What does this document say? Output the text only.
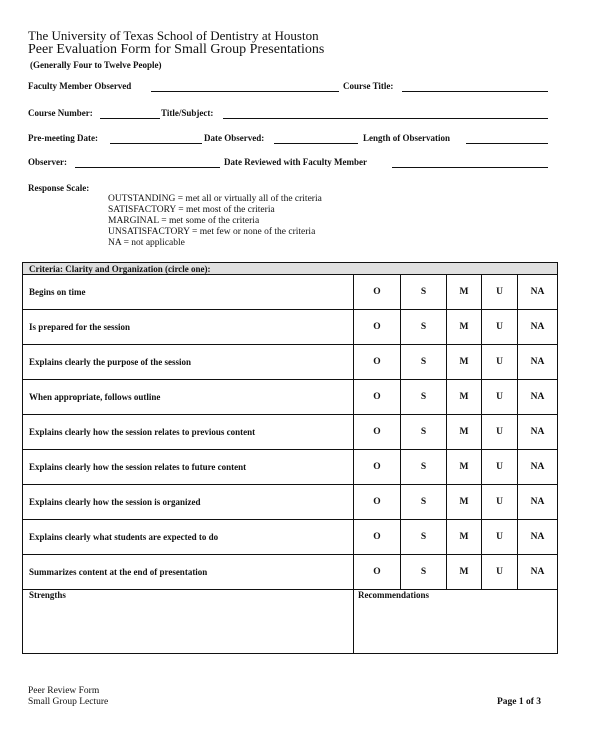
The University of Texas School of Dentistry at Houston
Peer Evaluation Form for Small Group Presentations
(Generally Four to Twelve People)
Faculty Member Observed	Course Title:
Course Number:	Title/Subject:
Pre-meeting Date:	Date Observed:	Length of Observation
Observer:	Date Reviewed with Faculty Member
Response Scale:
OUTSTANDING = met all or virtually all of the criteria
SATISFACTORY = met most of the criteria
MARGINAL = met some of the criteria
UNSATISFACTORY = met few or none of the criteria
NA = not applicable
Criteria: Clarity and Organization (circle one):					
Begins on time	O	S	M	U	NA
Is prepared for the session	O	S	M	U	NA
Explains clearly the purpose of the session	O	S	M	U	NA
When appropriate, follows outline	O	S	M	U	NA
Explains clearly how the session relates to previous content	O	S	M	U	NA
Explains clearly how the session relates to future content	O	S	M	U	NA
Explains clearly how the session is organized	O	S	M	U	NA
Explains clearly what students are expected to do	O	S	M	U	NA
Summarizes content at the end of presentation	O	S	M	U	NA
Strengths	Recommendations				

Peer Review Form
Small Group Lecture	Page 1 of 3
